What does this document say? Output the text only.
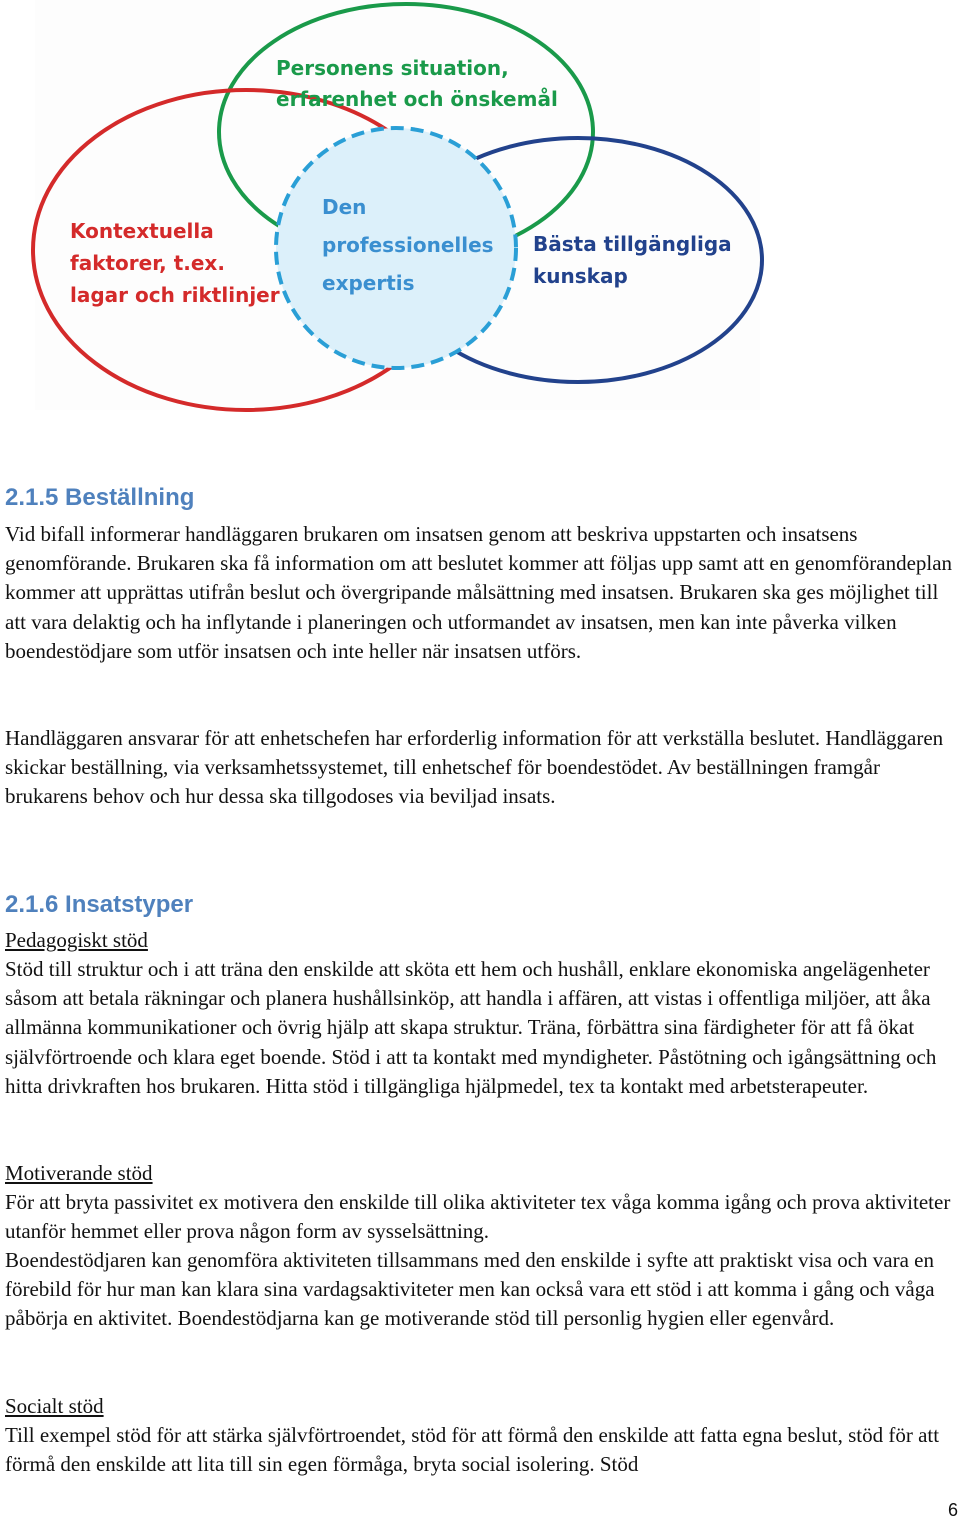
Personens situation,
erfarenhet och önskemål
Kontextuella
faktorer, t.ex.
lagar och riktlinjer
Den
professionelles
expertis
Bästa tillgängliga
kunskap
2.1.5 Beställning

Vid bifall informerar handläggaren brukaren om insatsen genom att beskriva uppstarten och insatsens genomförande. Brukaren ska få information om att beslutet kommer att följas upp samt att en genomförandeplan kommer att upprättas utifrån beslut och övergripande målsättning med insatsen. Brukaren ska ges möjlighet till att vara delaktig och ha inflytande i planeringen och utformandet av insatsen, men kan inte påverka vilken boendestödjare som utför insatsen och inte heller när insatsen utförs.

Handläggaren ansvarar för att enhetschefen har erforderlig information för att verkställa beslutet. Handläggaren skickar beställning, via verksamhetssystemet, till enhetschef för boendestödet. Av beställningen framgår brukarens behov och hur dessa ska tillgodoses via beviljad insats.

2.1.6 Insatstyper

Pedagogiskt stöd

Stöd till struktur och i att träna den enskilde att sköta ett hem och hushåll, enklare ekonomiska angelägenheter såsom att betala räkningar och planera hushållsinköp, att handla i affären, att vistas i offentliga miljöer, att åka allmänna kommunikationer och övrig hjälp att skapa struktur. Träna, förbättra sina färdigheter för att få ökat självförtroende och klara eget boende. Stöd i att ta kontakt med myndigheter. Påstötning och igångsättning och hitta drivkraften hos brukaren. Hitta stöd i tillgängliga hjälpmedel, tex ta kontakt med arbetsterapeuter.

Motiverande stöd

För att bryta passivitet ex motivera den enskilde till olika aktiviteter tex våga komma igång och prova aktiviteter utanför hemmet eller prova någon form av sysselsättning.

Boendestödjaren kan genomföra aktiviteten tillsammans med den enskilde i syfte att praktiskt visa och vara en förebild för hur man kan klara sina vardagsaktiviteter men kan också vara ett stöd i att komma i gång och våga påbörja en aktivitet. Boendestödjarna kan ge motiverande stöd till personlig hygien eller egenvård.

Socialt stöd

Till exempel stöd för att stärka självförtroendet, stöd för att förmå den enskilde att fatta egna beslut, stöd för att förmå den enskilde att lita till sin egen förmåga, bryta social isolering. Stöd

6
